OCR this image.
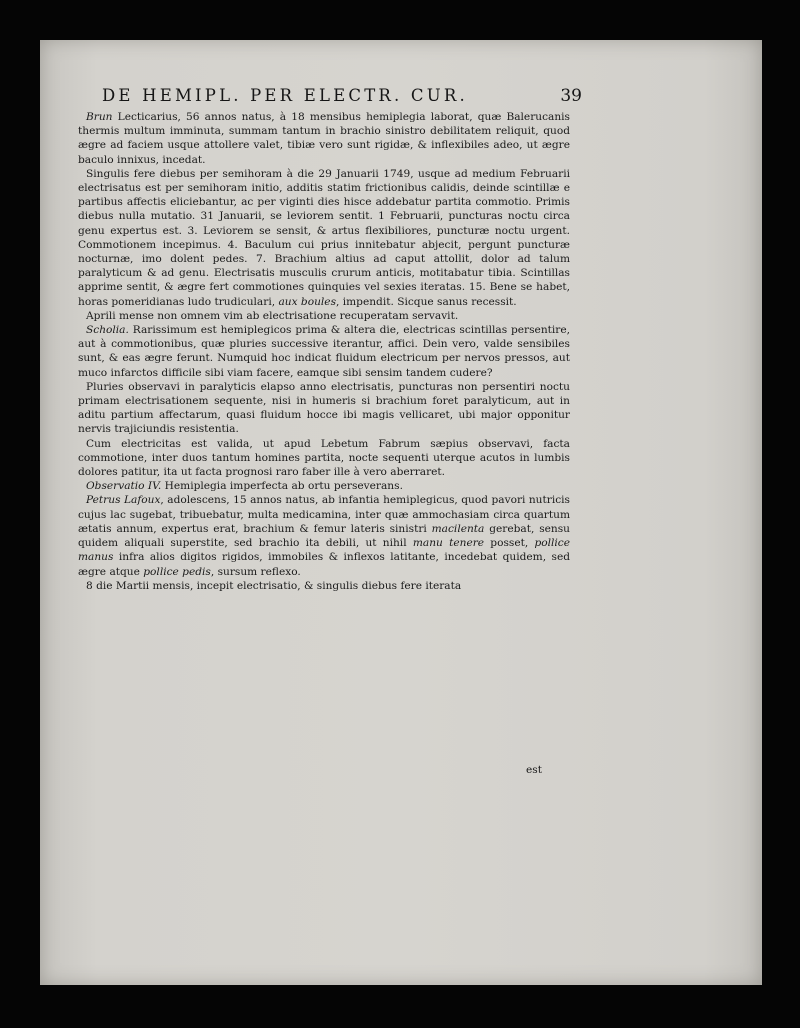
DE HEMIPL. PER ELECTR. CUR.	39

Brun Lecticarius, 56 annos natus, à 18 mensibus hemiplegia laborat, quæ Balerucanis thermis multum imminuta, summam tantum in brachio sinistro debilitatem reliquit, quod ægre ad faciem usque attollere valet, tibiæ vero sunt rigidæ, & inflexibiles adeo, ut ægre baculo innixus, incedat.

Singulis fere diebus per semihoram à die 29 Januarii 1749, usque ad medium Februarii electrisatus est per semihoram initio, additis statim frictionibus calidis, deinde scintillæ e partibus affectis eliciebantur, ac per viginti dies hisce addebatur partita commotio. Primis diebus nulla mutatio. 31 Januarii, se leviorem sentit. 1 Februarii, puncturas noctu circa genu expertus est. 3. Leviorem se sensit, & artus flexibiliores, puncturæ noctu urgent. Commotionem incepimus. 4. Baculum cui prius innitebatur abjecit, pergunt puncturæ nocturnæ, imo dolent pedes. 7. Brachium altius ad caput attollit, dolor ad talum paralyticum & ad genu. Electrisatis musculis crurum anticis, motitabatur tibia. Scintillas apprime sentit, & ægre fert commotiones quinquies vel sexies iteratas. 15. Bene se habet, horas pomeridianas ludo trudiculari, aux boules, impendit. Sicque sanus recessit.

Aprili mense non omnem vim ab electrisatione recuperatam servavit.

Scholia. Rarissimum est hemiplegicos prima & altera die, electricas scintillas persentire, aut à commotionibus, quæ pluries successive iterantur, affici. Dein vero, valde sensibiles sunt, & eas ægre ferunt. Numquid hoc indicat fluidum electricum per nervos pressos, aut muco infarctos difficile sibi viam facere, eamque sibi sensim tandem cudere?

Pluries observavi in paralyticis elapso anno electrisatis, puncturas non persentiri noctu primam electrisationem sequente, nisi in humeris si brachium foret paralyticum, aut in aditu partium affectarum, quasi fluidum hocce ibi magis vellicaret, ubi major opponitur nervis trajiciundis resistentia.

Cum electricitas est valida, ut apud Lebetum Fabrum sæpius observavi, facta commotione, inter duos tantum homines partita, nocte sequenti uterque acutos in lumbis dolores patitur, ita ut facta prognosi raro faber ille à vero aberraret.

Observatio IV. Hemiplegia imperfecta ab ortu perseverans.

Petrus Lafoux, adolescens, 15 annos natus, ab infantia hemiplegicus, quod pavori nutricis cujus lac sugebat, tribuebatur, multa medicamina, inter quæ ammochasiam circa quartum ætatis annum, expertus erat, brachium & femur lateris sinistri macilenta gerebat, sensu quidem aliquali superstite, sed brachio ita debili, ut nihil manu tenere posset, pollice manus infra alios digitos rigidos, immobiles & inflexos latitante, incedebat quidem, sed ægre atque pollice pedis, sursum reflexo.

8 die Martii mensis, incepit electrisatio, & singulis diebus fere iterata

est
